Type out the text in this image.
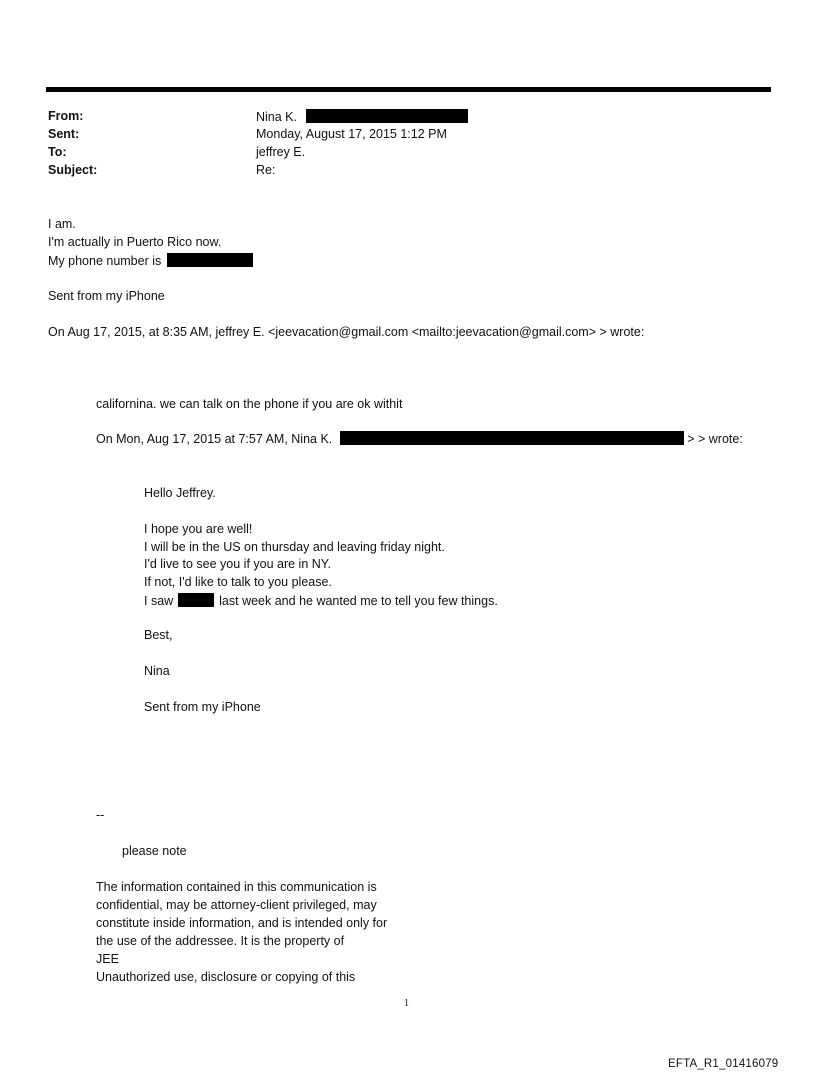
From:
Sent:
To:
Subject:
Nina K.
Monday, August 17, 2015 1:12 PM
jeffrey E.
Re:
I am.
I'm actually in Puerto Rico now.
My phone number is
Sent from my iPhone
On Aug 17, 2015, at 8:35 AM, jeffrey E. <jeevacation@gmail.com <mailto:jeevacation@gmail.com> > wrote:
californina. we can talk on the phone if you are ok withit
On Mon, Aug 17, 2015 at 7:57 AM, Nina K.	> > wrote:
Hello Jeffrey.
I hope you are well!
I will be in the US on thursday and leaving friday night.
I'd live to see you if you are in NY.
If not, I'd like to talk to you please.
I saw	last week and he wanted me to tell you few things.
Best,
Nina
Sent from my iPhone
--
please note
The information contained in this communication is
confidential, may be attorney-client privileged, may
constitute inside information, and is intended only for
the use of the addressee. It is the property of
JEE
Unauthorized use, disclosure or copying of this
1
EFTA_R1_01416079
